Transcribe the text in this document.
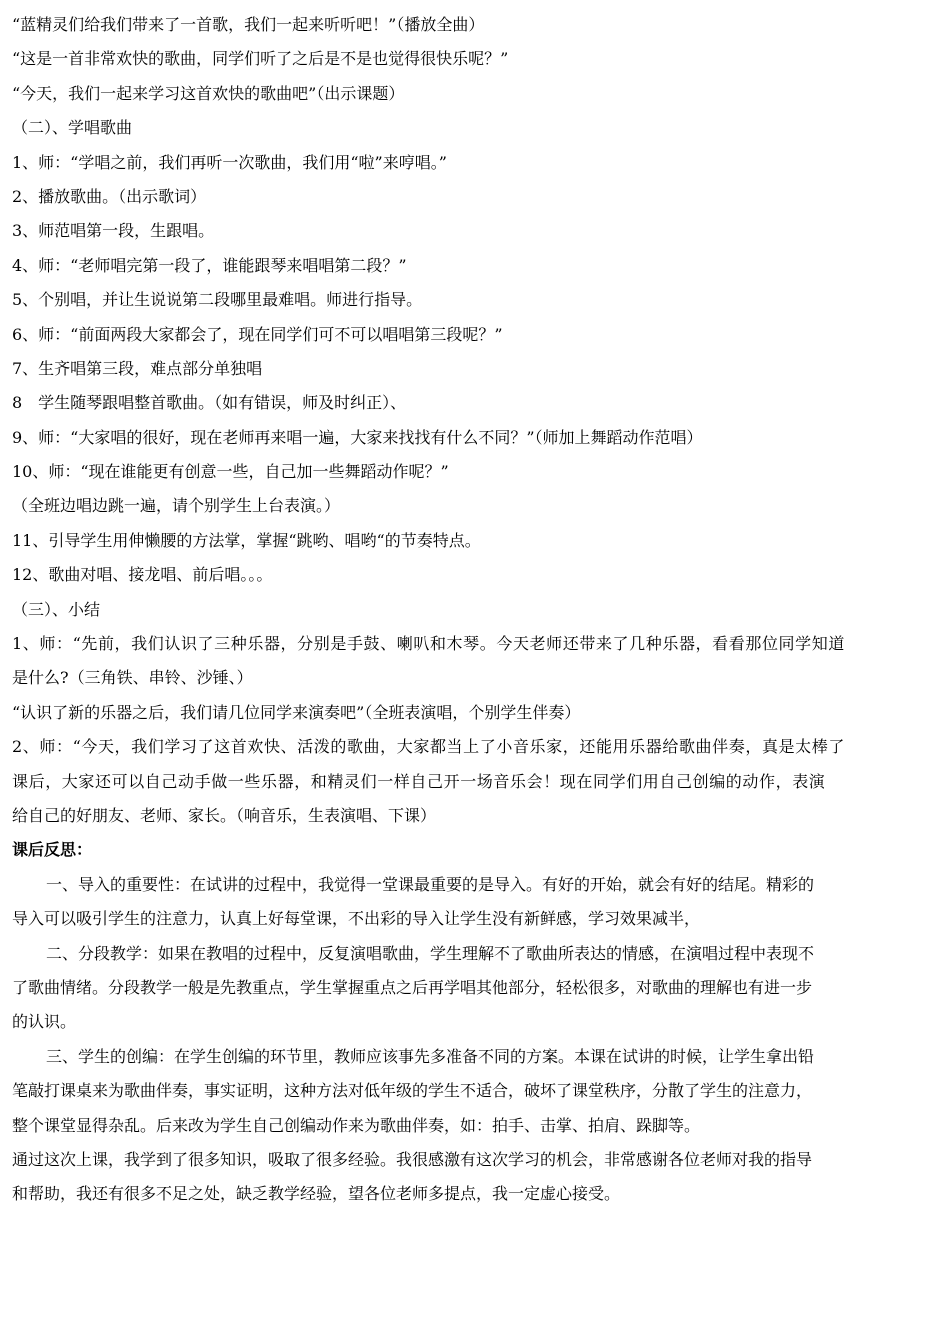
“蓝精灵们给我们带来了一首歌，我们一起来听听吧！”（播放全曲）

“这是一首非常欢快的歌曲，同学们听了之后是不是也觉得很快乐呢？”

“今天，我们一起来学习这首欢快的歌曲吧”（出示课题）

（二）、学唱歌曲

1、师：“学唱之前，我们再听一次歌曲，我们用“啦”来哼唱。”

2、播放歌曲。（出示歌词）

3、师范唱第一段，生跟唱。

4、师：“老师唱完第一段了，谁能跟琴来唱唱第二段？”

5、个别唱，并让生说说第二段哪里最难唱。师进行指导。

6、师：“前面两段大家都会了，现在同学们可不可以唱唱第三段呢？”

7、生齐唱第三段，难点部分单独唱

8　学生随琴跟唱整首歌曲。（如有错误，师及时纠正）、

9、师：“大家唱的很好，现在老师再来唱一遍，大家来找找有什么不同？”（师加上舞蹈动作范唱）

10、师：“现在谁能更有创意一些，自己加一些舞蹈动作呢？”

（全班边唱边跳一遍，请个别学生上台表演。）

11、引导学生用伸懒腰的方法掌，掌握“跳哟、唱哟“的节奏特点。

12、歌曲对唱、接龙唱、前后唱。。。

（三）、小结

1、师：“先前，我们认识了三种乐器，分别是手鼓、喇叭和木琴。今天老师还带来了几种乐器，看看那位同学知道

是什么?（三角铁、串铃、沙锤、）

“认识了新的乐器之后，我们请几位同学来演奏吧”（全班表演唱，个别学生伴奏）

2、师：“今天，我们学习了这首欢快、活泼的歌曲，大家都当上了小音乐家，还能用乐器给歌曲伴奏，真是太棒了

课后，大家还可以自己动手做一些乐器，和精灵们一样自己开一场音乐会！现在同学们用自己创编的动作，表演

给自己的好朋友、老师、家长。（响音乐，生表演唱、下课）

课后反思：

一、导入的重要性：在试讲的过程中，我觉得一堂课最重要的是导入。有好的开始，就会有好的结尾。精彩的

导入可以吸引学生的注意力，认真上好每堂课，不出彩的导入让学生没有新鲜感，学习效果减半，

二、分段教学：如果在教唱的过程中，反复演唱歌曲，学生理解不了歌曲所表达的情感，在演唱过程中表现不

了歌曲情绪。分段教学一般是先教重点，学生掌握重点之后再学唱其他部分，轻松很多，对歌曲的理解也有进一步

的认识。

三、学生的创编：在学生创编的环节里，教师应该事先多准备不同的方案。本课在试讲的时候，让学生拿出铅

笔敲打课桌来为歌曲伴奏，事实证明，这种方法对低年级的学生不适合，破坏了课堂秩序，分散了学生的注意力，

整个课堂显得杂乱。后来改为学生自己创编动作来为歌曲伴奏，如：拍手、击掌、拍肩、跺脚等。

通过这次上课，我学到了很多知识，吸取了很多经验。我很感激有这次学习的机会，非常感谢各位老师对我的指导

和帮助，我还有很多不足之处，缺乏教学经验，望各位老师多提点，我一定虚心接受。
